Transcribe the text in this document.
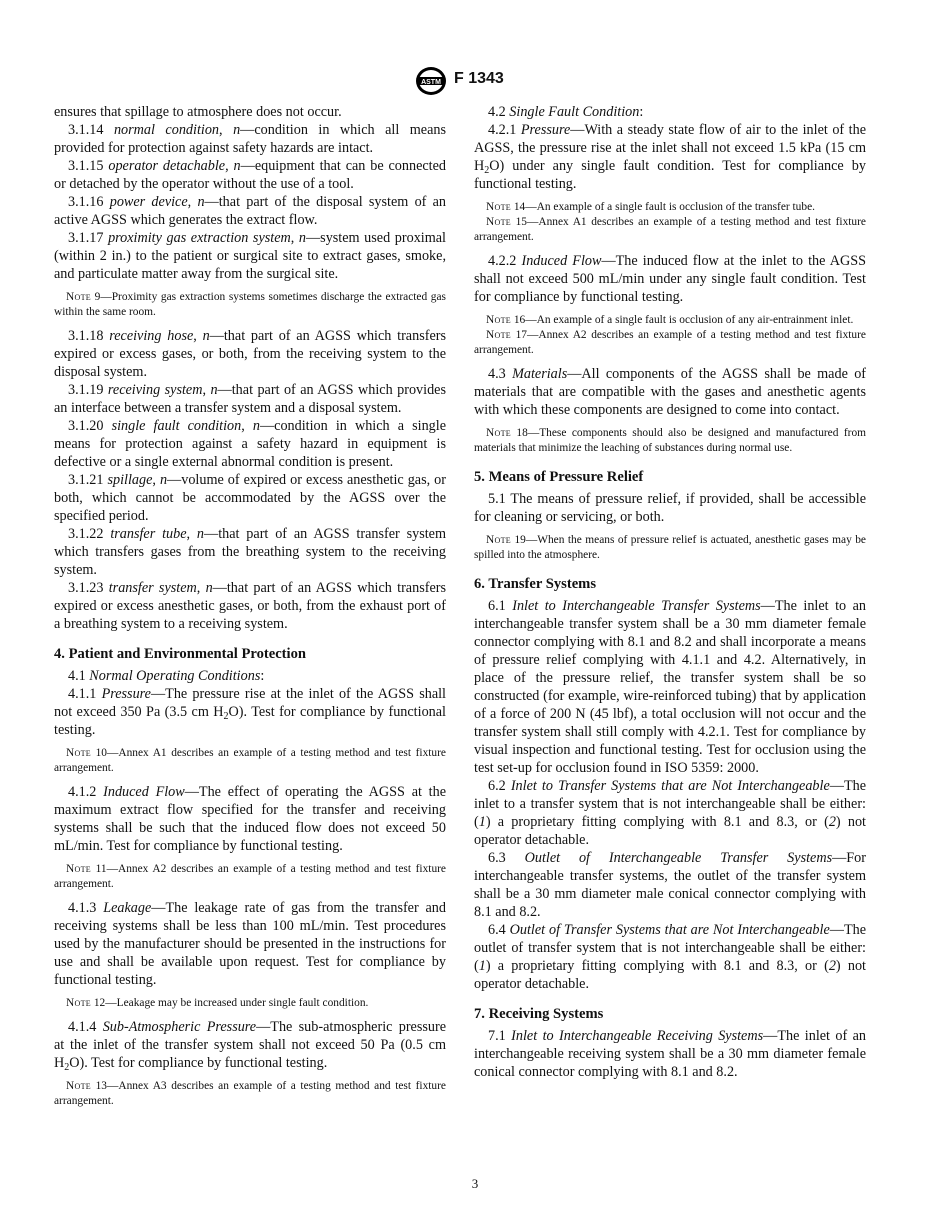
ASTM F 1343

ensures that spillage to atmosphere does not occur.

3.1.14 normal condition, n—condition in which all means provided for protection against safety hazards are intact.

3.1.15 operator detachable, n—equipment that can be connected or detached by the operator without the use of a tool.

3.1.16 power device, n—that part of the disposal system of an active AGSS which generates the extract flow.

3.1.17 proximity gas extraction system, n—system used proximal (within 2 in.) to the patient or surgical site to extract gases, smoke, and particulate matter away from the surgical site.

Note 9—Proximity gas extraction systems sometimes discharge the extracted gas within the same room.

3.1.18 receiving hose, n—that part of an AGSS which transfers expired or excess gases, or both, from the receiving system to the disposal system.

3.1.19 receiving system, n—that part of an AGSS which provides an interface between a transfer system and a disposal system.

3.1.20 single fault condition, n—condition in which a single means for protection against a safety hazard in equipment is defective or a single external abnormal condition is present.

3.1.21 spillage, n—volume of expired or excess anesthetic gas, or both, which cannot be accommodated by the AGSS over the specified period.

3.1.22 transfer tube, n—that part of an AGSS transfer system which transfers gases from the breathing system to the receiving system.

3.1.23 transfer system, n—that part of an AGSS which transfers expired or excess anesthetic gases, or both, from the exhaust port of a breathing system to a receiving system.

4. Patient and Environmental Protection

4.1 Normal Operating Conditions:

4.1.1 Pressure—The pressure rise at the inlet of the AGSS shall not exceed 350 Pa (3.5 cm $H_2O$). Test for compliance by functional testing.

Note 10—Annex A1 describes an example of a testing method and test fixture arrangement.

4.1.2 Induced Flow—The effect of operating the AGSS at the maximum extract flow specified for the transfer and receiving systems shall be such that the induced flow does not exceed 50 mL/min. Test for compliance by functional testing.

Note 11—Annex A2 describes an example of a testing method and test fixture arrangement.

4.1.3 Leakage—The leakage rate of gas from the transfer and receiving systems shall be less than 100 mL/min. Test procedures used by the manufacturer should be presented in the instructions for use and shall be available upon request. Test for compliance by functional testing.

Note 12—Leakage may be increased under single fault condition.

4.1.4 Sub-Atmospheric Pressure—The sub-atmospheric pressure at the inlet of the transfer system shall not exceed 50 Pa (0.5 cm $H_2O$). Test for compliance by functional testing.

Note 13—Annex A3 describes an example of a testing method and test fixture arrangement.

4.2 Single Fault Condition:

4.2.1 Pressure—With a steady state flow of air to the inlet of the AGSS, the pressure rise at the inlet shall not exceed 1.5 kPa (15 cm $H_2O$) under any single fault condition. Test for compliance by functional testing.

Note 14—An example of a single fault is occlusion of the transfer tube.

Note 15—Annex A1 describes an example of a testing method and test fixture arrangement.

4.2.2 Induced Flow—The induced flow at the inlet to the AGSS shall not exceed 500 mL/min under any single fault condition. Test for compliance by functional testing.

Note 16—An example of a single fault is occlusion of any air-entrainment inlet.

Note 17—Annex A2 describes an example of a testing method and test fixture arrangement.

4.3 Materials—All components of the AGSS shall be made of materials that are compatible with the gases and anesthetic agents with which these components are designed to come into contact.

Note 18—These components should also be designed and manufactured from materials that minimize the leaching of substances during normal use.

5. Means of Pressure Relief

5.1 The means of pressure relief, if provided, shall be accessible for cleaning or servicing, or both.

Note 19—When the means of pressure relief is actuated, anesthetic gases may be spilled into the atmosphere.

6. Transfer Systems

6.1 Inlet to Interchangeable Transfer Systems—The inlet to an interchangeable transfer system shall be a 30 mm diameter female connector complying with 8.1 and 8.2 and shall incorporate a means of pressure relief complying with 4.1.1 and 4.2. Alternatively, in place of the pressure relief, the transfer system shall be so constructed (for example, wire-reinforced tubing) that by application of a force of 200 N (45 lbf), a total occlusion will not occur and the transfer system shall still comply with 4.2.1. Test for compliance by visual inspection and functional testing. Test for occlusion using the test set-up for occlusion found in ISO 5359: 2000.

6.2 Inlet to Transfer Systems that are Not Interchangeable—The inlet to a transfer system that is not interchangeable shall be either: (1) a proprietary fitting complying with 8.1 and 8.3, or (2) not operator detachable.

6.3 Outlet of Interchangeable Transfer Systems—For interchangeable transfer systems, the outlet of the transfer system shall be a 30 mm diameter male conical connector complying with 8.1 and 8.2.

6.4 Outlet of Transfer Systems that are Not Interchangeable—The outlet of transfer system that is not interchangeable shall be either: (1) a proprietary fitting complying with 8.1 and 8.3, or (2) not operator detachable.

7. Receiving Systems

7.1 Inlet to Interchangeable Receiving Systems—The inlet of an interchangeable receiving system shall be a 30 mm diameter female conical connector complying with 8.1 and 8.2.

3
